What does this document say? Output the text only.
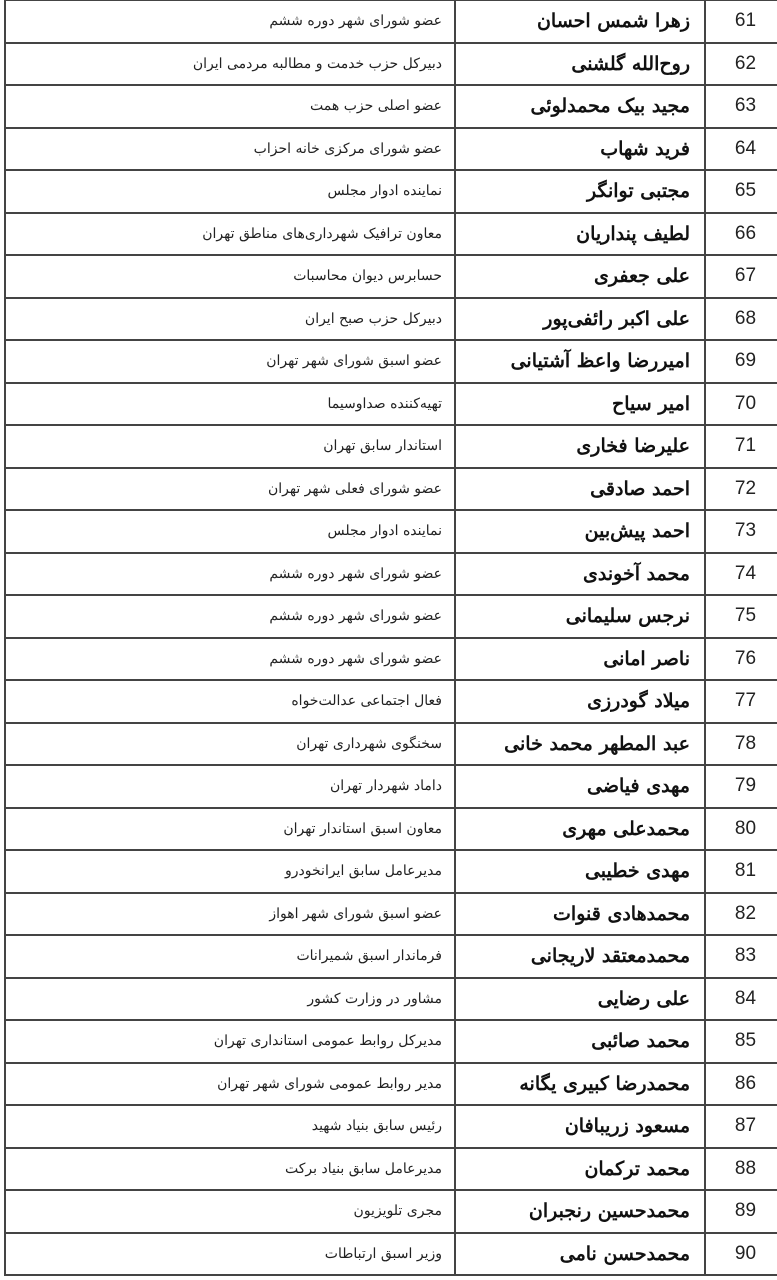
61
زهرا شمس احسان
عضو شورای شهر دوره ششم
62
روح‌الله گلشنی
دبیرکل حزب خدمت و مطالبه مردمی ایران
63
مجید بیک محمدلوئی
عضو اصلی حزب همت
64
فرید شهاب
عضو شورای مرکزی خانه احزاب
65
مجتبی توانگر
نماینده ادوار مجلس
66
لطیف پنداریان
معاون ترافیک شهرداری‌های مناطق تهران
67
علی جعفری
حسابرس دیوان محاسبات
68
علی اکبر رائفی‌پور
دبیرکل حزب صبح ایران
69
امیررضا واعظ آشتیانی
عضو اسبق شورای شهر تهران
70
امیر سیاح
تهیه‌کننده صداوسیما
71
علیرضا فخاری
استاندار سابق تهران
72
احمد صادقی
عضو شورای فعلی شهر تهران
73
احمد پیش‌بین
نماینده ادوار مجلس
74
محمد آخوندی
عضو شورای شهر دوره ششم
75
نرجس سلیمانی
عضو شورای شهر دوره ششم
76
ناصر امانی
عضو شورای شهر دوره ششم
77
میلاد گودرزی
فعال اجتماعی عدالت‌خواه
78
عبد المطهر محمد خانی
سخنگوی شهرداری تهران
79
مهدی فیاضی
داماد شهردار تهران
80
محمدعلی مهری
معاون اسبق استاندار تهران
81
مهدی خطیبی
مدیرعامل سابق ایرانخودرو
82
محمدهادی قنوات
عضو اسبق شورای شهر اهواز
83
محمدمعتقد لاریجانی
فرماندار اسبق شمیرانات
84
علی رضایی
مشاور در وزارت کشور
85
محمد صائبی
مدیرکل روابط عمومی استانداری تهران
86
محمدرضا کبیری یگانه
مدیر روابط عمومی شورای شهر تهران
87
مسعود زریبافان
رئیس سابق بنیاد شهید
88
محمد ترکمان
مدیرعامل سابق بنیاد برکت
89
محمدحسین رنجبران
مجری تلویزیون
90
محمدحسن نامی
وزیر اسبق ارتباطات
